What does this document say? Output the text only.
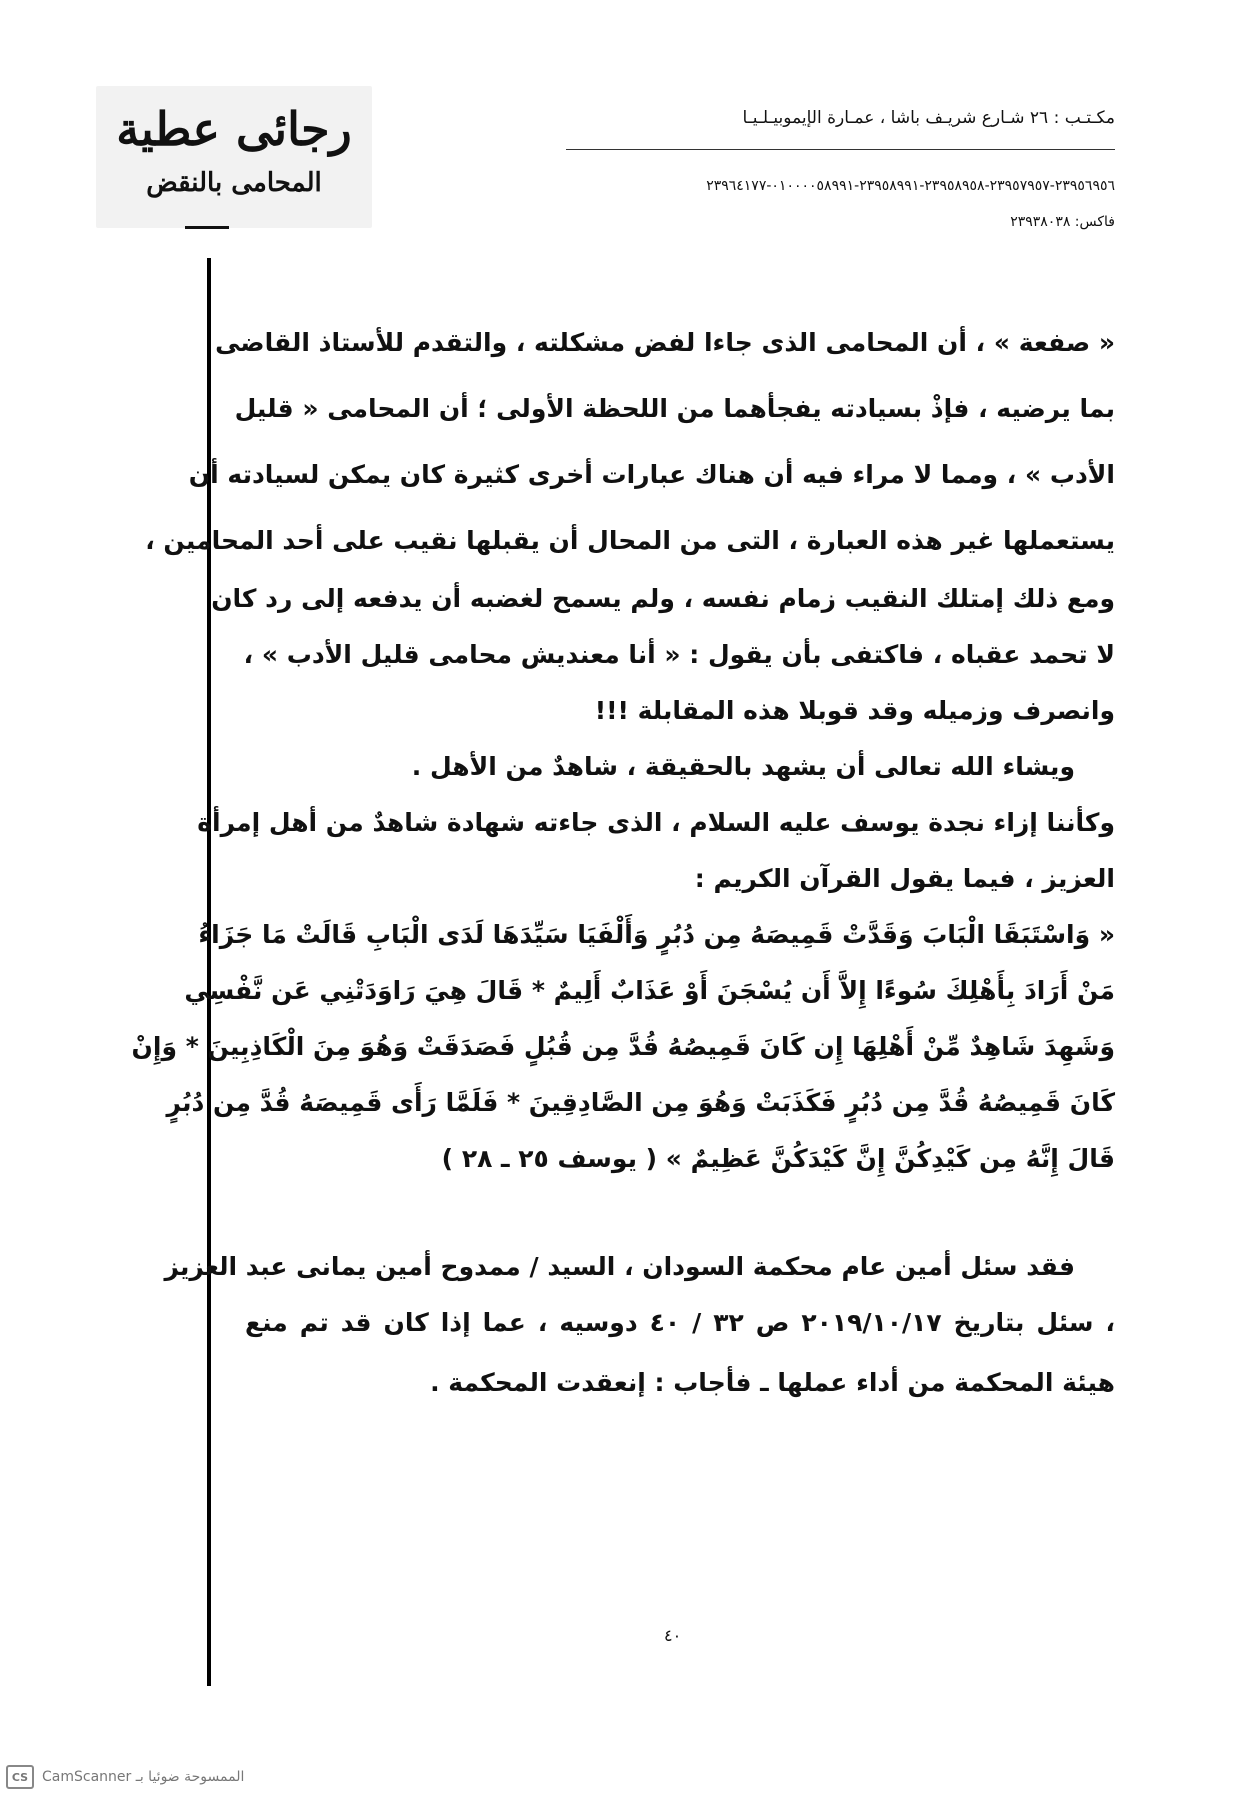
رجائى عطية
المحامى بالنقض
مكـتـب : ٢٦ شـارع شريـف باشا ، عمـارة الإيموبيـلـيـا
٢٣٩٥٦٩٥٦-٢٣٩٥٧٩٥٧-٢٣٩٥٨٩٥٨-٢٣٩٥٨٩٩١-٠١٠٠٠٠٥٨٩٩١-٢٣٩٦٤١٧٧
فاكس: ٢٣٩٣٨٠٣٨
« صفعة » ، أن المحامى الذى جاءا لفض مشكلته ، والتقدم للأستاذ القاضى
بما يرضيه ، فإذْ بسيادته يفجأهما من اللحظة الأولى ؛ أن المحامى « قليل
الأدب » ، ومما لا مراء فيه أن هناك عبارات أخرى كثيرة كان يمكن لسيادته أن
يستعملها غير هذه العبارة ، التى من المحال أن يقبلها نقيب على أحد المحامين ،
ومع ذلك إمتلك النقيب زمام نفسه ، ولم يسمح لغضبه أن يدفعه إلى رد كان
لا تحمد عقباه ، فاكتفى بأن يقول : « أنا معنديش محامى قليل الأدب » ،
وانصرف وزميله وقد قوبلا هذه المقابلة !!!
ويشاء الله تعالى أن يشهد بالحقيقة ، شاهدٌ من الأهل .
وكأننا إزاء نجدة يوسف عليه السلام ، الذى جاءته شهادة شاهدٌ من أهل إمرأة
العزيز ، فيما يقول القرآن الكريم :
« وَاسْتَبَقَا الْبَابَ وَقَدَّتْ قَمِيصَهُ مِن دُبُرٍ وَأَلْفَيَا سَيِّدَهَا لَدَى الْبَابِ قَالَتْ مَا جَزَاءُ
مَنْ أَرَادَ بِأَهْلِكَ سُوءًا إِلاَّ أَن يُسْجَنَ أَوْ عَذَابٌ أَلِيمٌ * قَالَ هِيَ رَاوَدَتْنِي عَن نَّفْسِي
وَشَهِدَ شَاهِدٌ مِّنْ أَهْلِهَا إِن كَانَ قَمِيصُهُ قُدَّ مِن قُبُلٍ فَصَدَقَتْ وَهُوَ مِنَ الْكَاذِبِينَ * وَإِنْ
كَانَ قَمِيصُهُ قُدَّ مِن دُبُرٍ فَكَذَبَتْ وَهُوَ مِن الصَّادِقِينَ * فَلَمَّا رَأَى قَمِيصَهُ قُدَّ مِن دُبُرٍ
قَالَ إِنَّهُ مِن كَيْدِكُنَّ إِنَّ كَيْدَكُنَّ عَظِيمٌ » ( يوسف ٢٥ ـ ٢٨ )
فقد سئل أمين عام محكمة السودان ، السيد / ممدوح أمين يمانى عبد العزيز
، سئل بتاريخ ٢٠١٩/١٠/١٧ ص ٣٢ / ٤٠ دوسيه ، عما إذا كان قد تم منع
هيئة المحكمة من أداء عملها ـ فأجاب : إنعقدت المحكمة .
٤٠
CS CamScanner الممسوحة ضوئيا بـ
